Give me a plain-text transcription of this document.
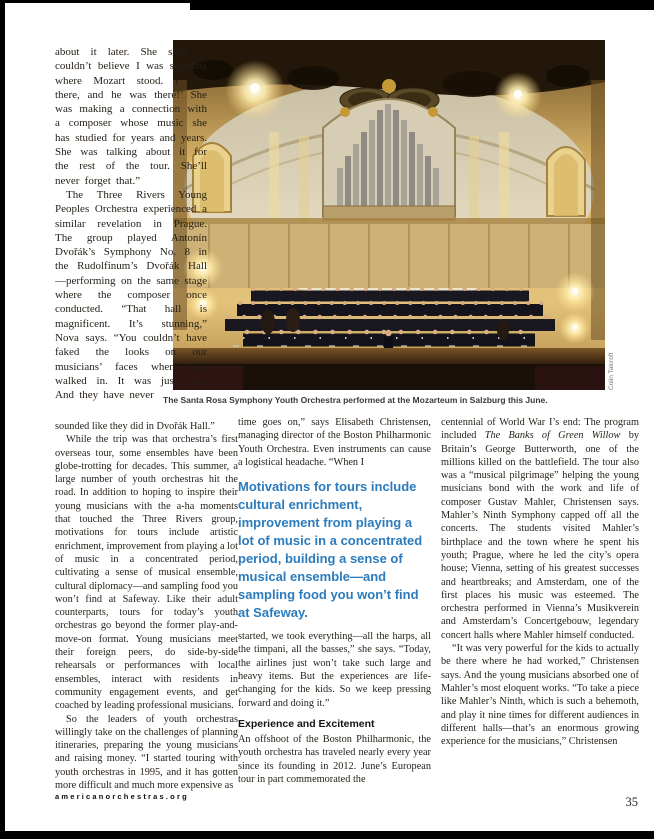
Colin Talcroft
The Santa Rosa Symphony Youth Orchestra performed at the Mozarteum in Salzburg this June.

about it later. She said, ‘I couldn’t believe I was standing where Mozart stood. I was there, and he was there!’ She was making a connection with a composer whose music she has studied for years and years. She was talking about it for the rest of the tour. She’ll never forget that.”

The Three Rivers Young Peoples Orchestra experienced a similar revelation in Prague. The group played Antonín Dvořák’s Symphony No. 8 in the Rudolfinum’s Dvořák Hall—performing on the same stage where the composer once conducted. “That hall is magnificent. It’s stunning,” Nova says. “You couldn’t have faked the looks on our musicians’ faces when they walked in. It was just awe. And they have never

sounded like they did in Dvořák Hall.”

While the trip was that orchestra’s first overseas tour, some ensembles have been globe-trotting for decades. This summer, a large number of youth orchestras hit the road. In addition to hoping to inspire their young musicians with the a-ha moments that touched the Three Rivers group, motivations for tours include artistic enrichment, improvement from playing a lot of music in a concentrated period, cultivating a sense of musical ensemble, cultural diplomacy—and sampling food you won’t find at Safeway. Like their adult counterparts, tours for today’s youth orchestras go beyond the former play-and-move-on format. Young musicians meet their foreign peers, do side-by-side rehearsals or performances with local ensembles, interact with residents in community engagement events, and get coached by leading professional musicians.

So the leaders of youth orchestras willingly take on the challenges of planning itineraries, preparing the young musicians and raising money. “I started touring with youth orchestras in 1995, and it has gotten more difficult and much more expensive as

time goes on,” says Elisabeth Christensen, managing director of the Boston Philharmonic Youth Orchestra. Even instruments can cause a logistical headache. “When I

Motivations for tours include cultural enrichment, improvement from playing a lot of music in a concentrated period, building a sense of musical ensemble—and sampling food you won’t find at Safeway.

started, we took everything—all the harps, all the timpani, all the basses,” she says. “Today, the airlines just won’t take such large and heavy items. But the experiences are life-changing for the kids. So we keep pressing forward and doing it.”

Experience and Excitement

An offshoot of the Boston Philharmonic, the youth orchestra has traveled nearly every year since its founding in 2012. June’s European tour in part commemorated the

centennial of World War I’s end: The program included The Banks of Green Willow by Britain’s George Butterworth, one of the millions killed on the battlefield. The tour also was a “musical pilgrimage” helping the young musicians bond with the work and life of composer Gustav Mahler, Christensen says. Mahler’s Ninth Symphony capped off all the concerts. The students visited Mahler’s birthplace and the town where he spent his youth; Prague, where he led the city’s opera house; Vienna, setting of his greatest successes and heartbreaks; and Amsterdam, one of the first places his music was esteemed. The orchestra performed in Vienna’s Musikverein and Amsterdam’s Concertgebouw, legendary concert halls where Mahler himself conducted.

“It was very powerful for the kids to actually be there where he had worked,” Christensen says. And the young musicians absorbed one of Mahler’s most eloquent works. “To take a piece like Mahler’s Ninth, which is such a behemoth, and play it nine times for different audiences in different halls—that’s an enormous growing experience for the musicians,” Christensen

americanorchestras.org	35
